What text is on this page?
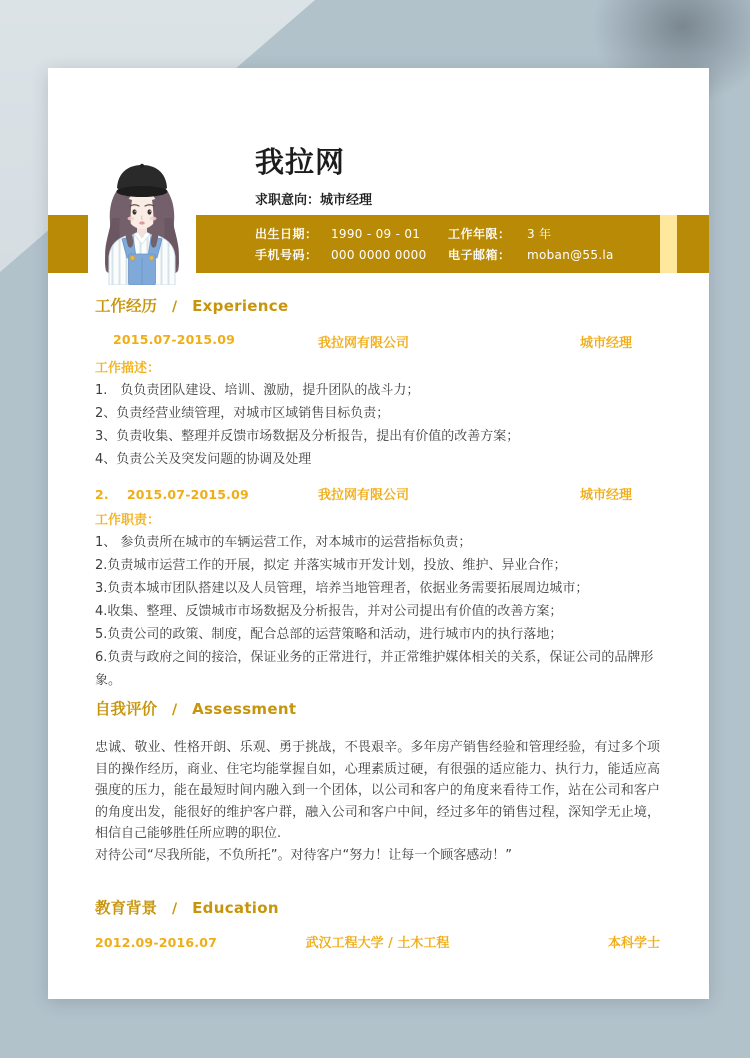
我拉网
求职意向：城市经理
出生日期：	1990 - 09 - 01	工作年限：	3 年
手机号码：	000 0000 0000	电子邮箱：	moban@55.la
工作经历 / Experience
2015.07-2015.09	我拉网有限公司	城市经理
工作描述：
1.　负负责团队建设、培训、激励，提升团队的战斗力；
2、负责经营业绩管理，对城市区域销售目标负责；
3、负责收集、整理并反馈市场数据及分析报告，提出有价值的改善方案；
4、负责公关及突发问题的协调及处理
2. 2015.07-2015.09	我拉网有限公司	城市经理
工作职责：
1、 参负责所在城市的车辆运营工作，对本城市的运营指标负责；
2.负责城市运营工作的开展，拟定 并落实城市开发计划，投放、维护、异业合作；
3.负责本城市团队搭建以及人员管理，培养当地管理者，依据业务需要拓展周边城市；
4.收集、整理、反馈城市市场数据及分析报告，并对公司提出有价值的改善方案；
5.负责公司的政策、制度，配合总部的运营策略和活动，进行城市内的执行落地；
6.负责与政府之间的接洽，保证业务的正常进行，并正常维护媒体相关的关系，保证公司的品牌形象。
自我评价 / Assessment
忠诚、敬业、性格开朗、乐观、勇于挑战，不畏艰辛。多年房产销售经验和管理经验，有过多个项目的操作经历，商业、住宅均能掌握自如，心理素质过硬，有很强的适应能力、执行力，能适应高强度的压力，能在最短时间内融入到一个团体，以公司和客户的角度来看待工作，站在公司和客户的角度出发，能很好的维护客户群，融入公司和客户中间，经过多年的销售过程，深知学无止境，相信自己能够胜任所应聘的职位.
对待公司“尽我所能，不负所托”。对待客户“努力！让每一个顾客感动！”
教育背景 / Education
2012.09-2016.07	武汉工程大学 / 土木工程	本科学士
